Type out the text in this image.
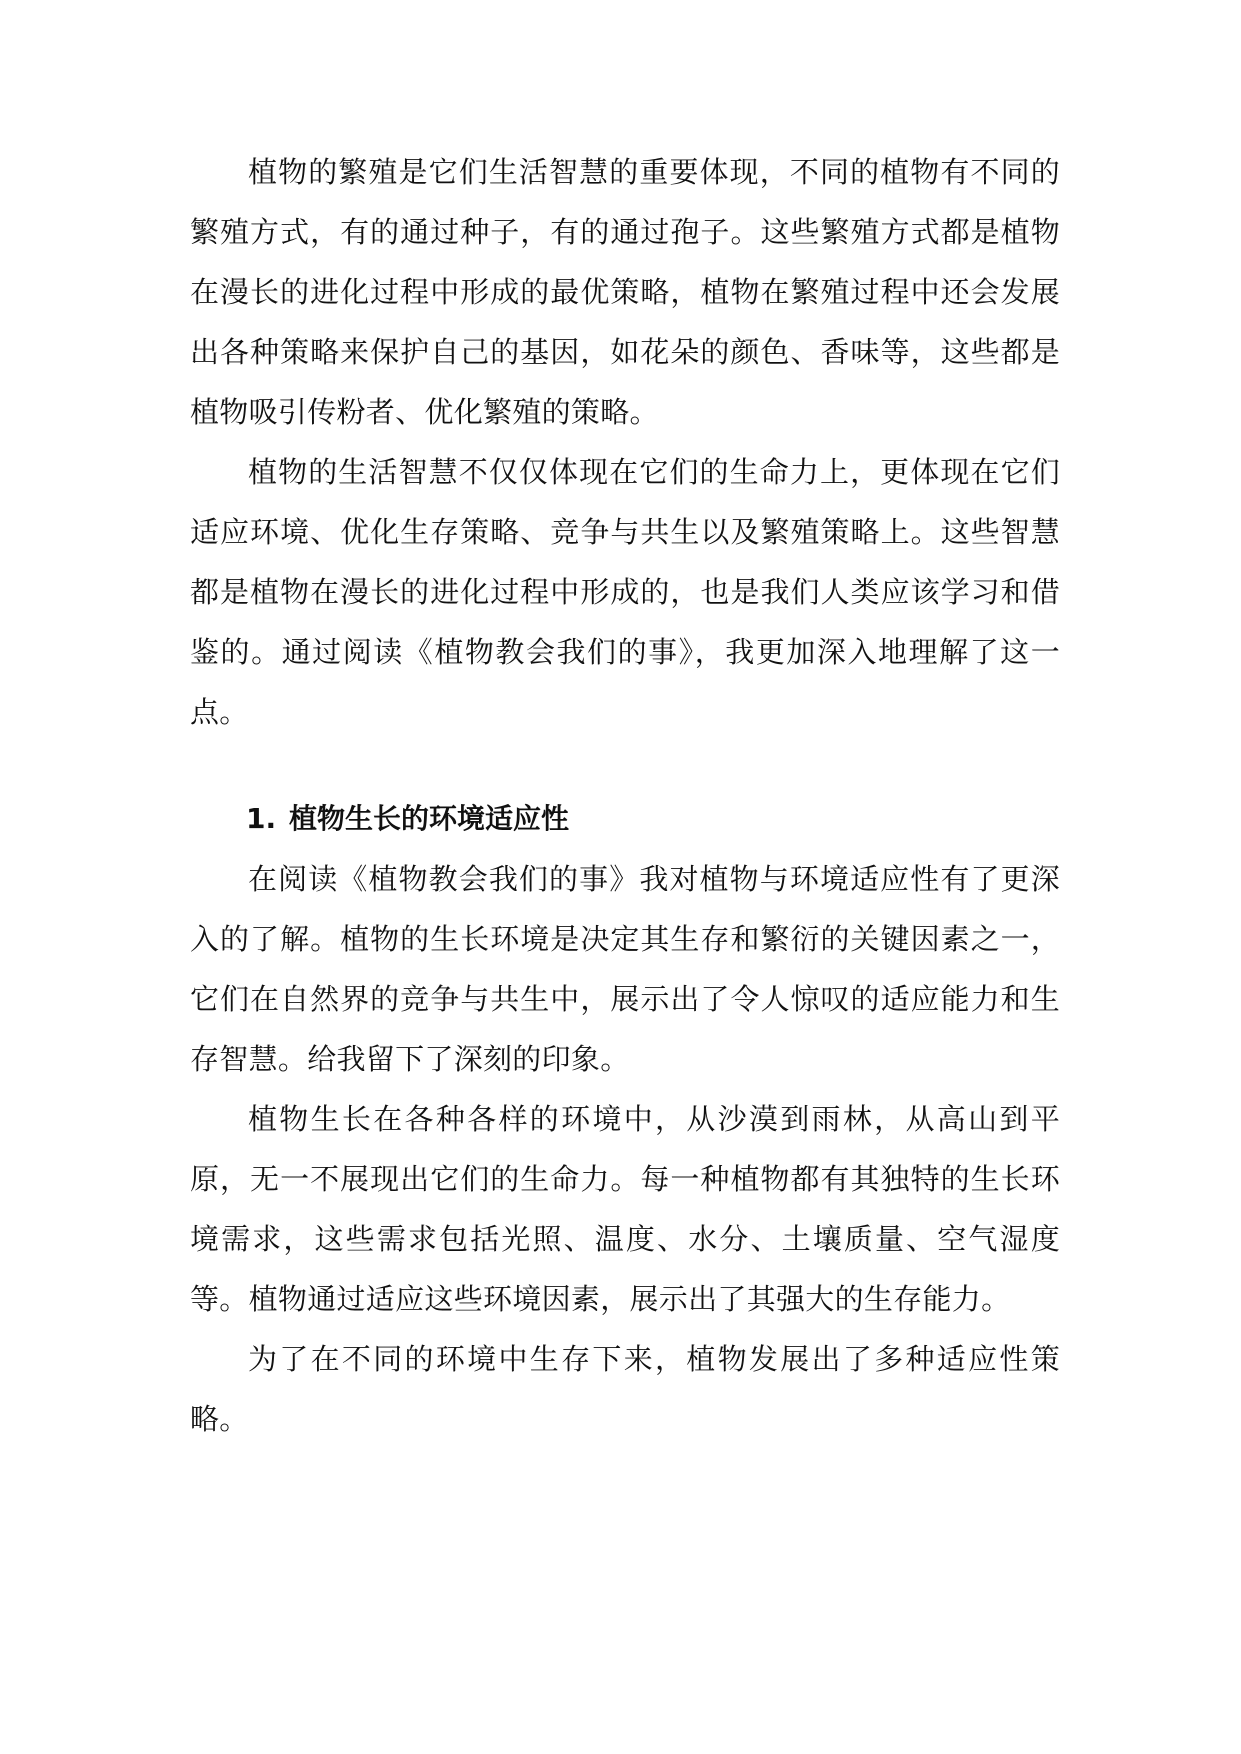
植物的繁殖是它们生活智慧的重要体现，不同的植物有不同的繁殖方式，有的通过种子，有的通过孢子。这些繁殖方式都是植物在漫长的进化过程中形成的最优策略，植物在繁殖过程中还会发展出各种策略来保护自己的基因，如花朵的颜色、香味等，这些都是植物吸引传粉者、优化繁殖的策略。

植物的生活智慧不仅仅体现在它们的生命力上，更体现在它们适应环境、优化生存策略、竞争与共生以及繁殖策略上。这些智慧都是植物在漫长的进化过程中形成的，也是我们人类应该学习和借鉴的。通过阅读《植物教会我们的事》，我更加深入地理解了这一点。

1. 植物生长的环境适应性

在阅读《植物教会我们的事》我对植物与环境适应性有了更深入的了解。植物的生长环境是决定其生存和繁衍的关键因素之一，它们在自然界的竞争与共生中，展示出了令人惊叹的适应能力和生存智慧。给我留下了深刻的印象。

植物生长在各种各样的环境中，从沙漠到雨林，从高山到平原，无一不展现出它们的生命力。每一种植物都有其独特的生长环境需求，这些需求包括光照、温度、水分、土壤质量、空气湿度等。植物通过适应这些环境因素，展示出了其强大的生存能力。

为了在不同的环境中生存下来，植物发展出了多种适应性策略。
